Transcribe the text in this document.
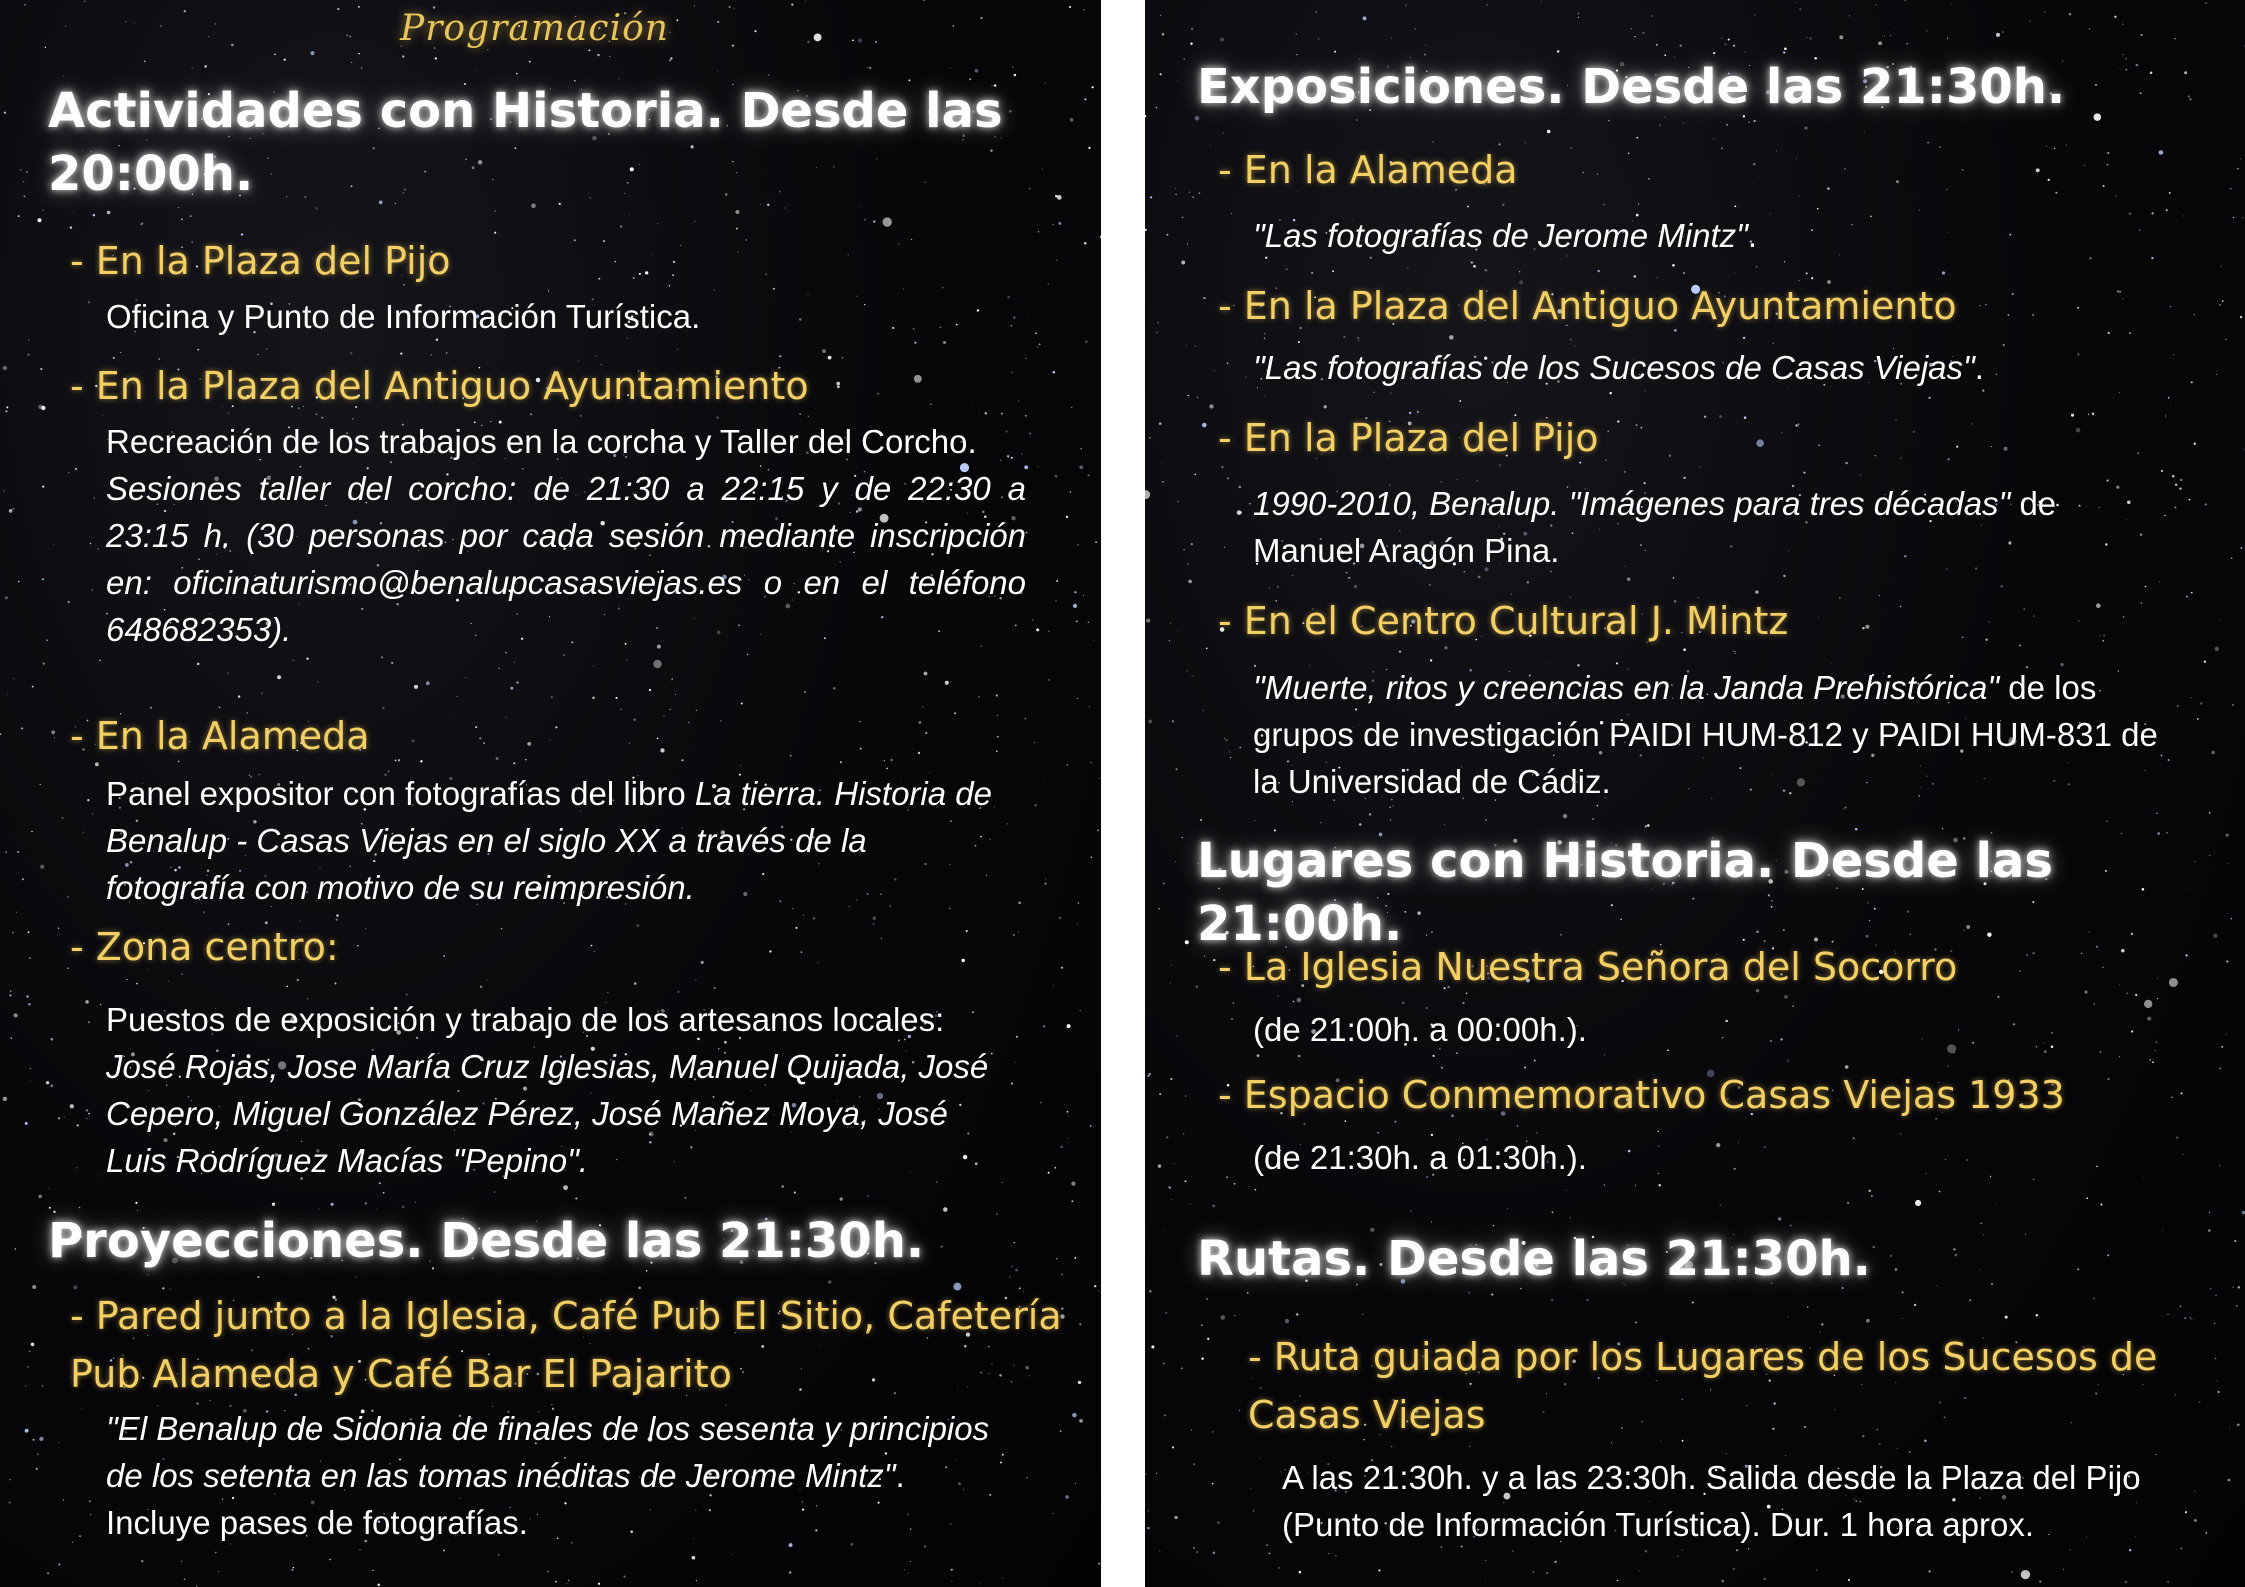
Programación

Actividades con Historia. Desde las 20:00h.

- En la Plaza del Pijo

Oficina y Punto de Información Turística.

- En la Plaza del Antiguo Ayuntamiento

Recreación de los trabajos en la corcha y Taller del Corcho.
Sesiones taller del corcho: de 21:30 a 22:15 y de 22:30 a 23:15 h. (30 personas por cada sesión mediante inscripción en: oficinaturismo@benalupcasasviejas.es o en el teléfono 648682353).

- En la Alameda

Panel expositor con fotografías del libro La tierra. Historia de Benalup - Casas Viejas en el siglo XX a través de la fotografía con motivo de su reimpresión.

- Zona centro:

Puestos de exposición y trabajo de los artesanos locales: José Rojas, Jose María Cruz Iglesias, Manuel Quijada, José Cepero, Miguel González Pérez, José Mañez Moya, José Luis Rodríguez Macías "Pepino".

Proyecciones. Desde las 21:30h.

- Pared junto a la Iglesia, Café Pub El Sitio, Cafetería Pub Alameda y Café Bar El Pajarito

"El Benalup de Sidonia de finales de los sesenta y principios de los setenta en las tomas inéditas de Jerome Mintz". Incluye pases de fotografías.

Exposiciones. Desde las 21:30h.

- En la Alameda

"Las fotografías de Jerome Mintz".

- En la Plaza del Antiguo Ayuntamiento

"Las fotografías de los Sucesos de Casas Viejas".

- En la Plaza del Pijo

1990-2010, Benalup. "Imágenes para tres décadas" de Manuel Aragón Pina.

- En el Centro Cultural J. Mintz

"Muerte, ritos y creencias en la Janda Prehistórica" de los grupos de investigación PAIDI HUM-812 y PAIDI HUM-831 de la Universidad de Cádiz.

Lugares con Historia. Desde las 21:00h.

- La Iglesia Nuestra Señora del Socorro

(de 21:00h. a 00:00h.).

- Espacio Conmemorativo Casas Viejas 1933

(de 21:30h. a 01:30h.).

Rutas. Desde las 21:30h.

- Ruta guiada por los Lugares de los Sucesos de Casas Viejas

A las 21:30h. y a las 23:30h. Salida desde la Plaza del Pijo (Punto de Información Turística). Dur. 1 hora aprox.
